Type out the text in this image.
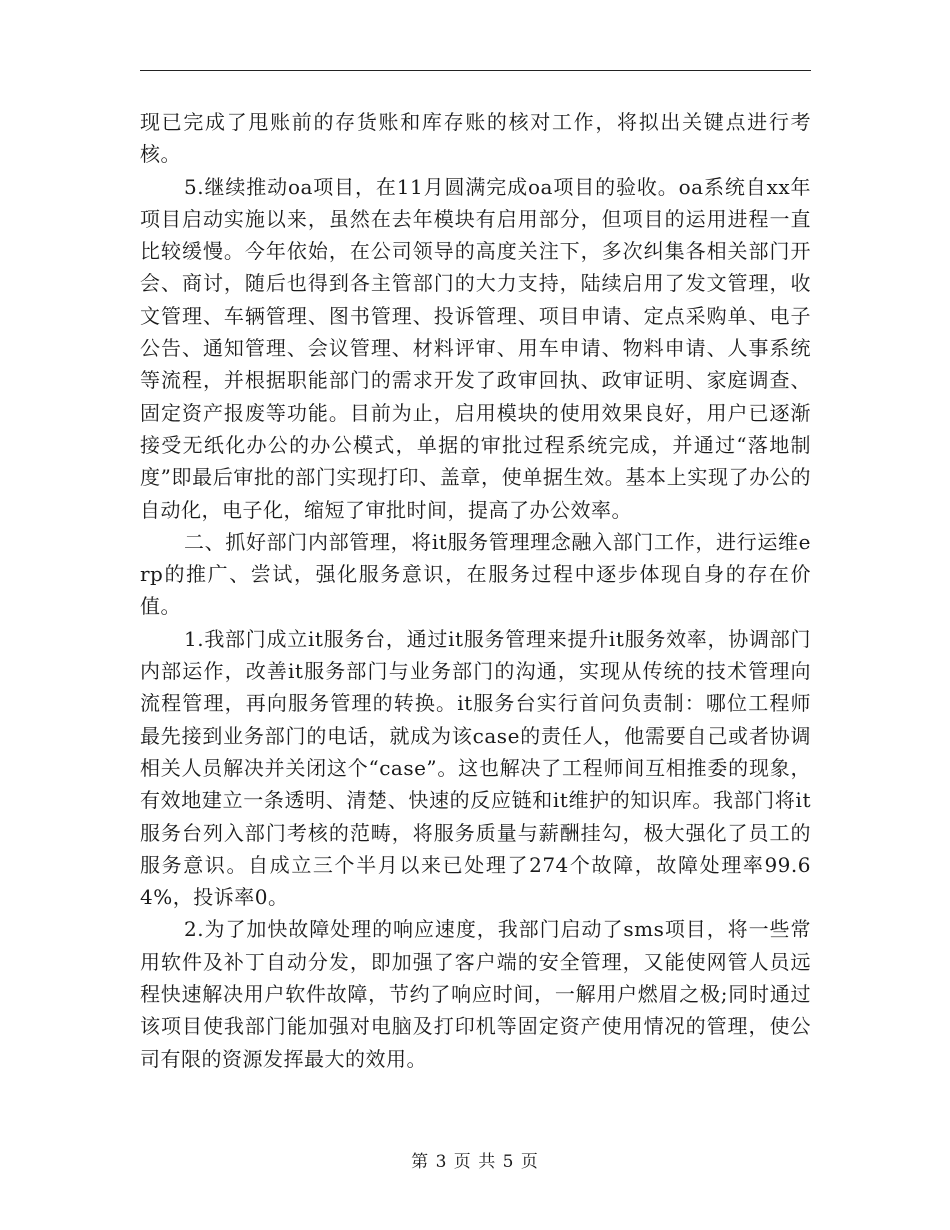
现已完成了甩账前的存货账和库存账的核对工作，将拟出关键点进行考核。

5.继续推动oa项目，在11月圆满完成oa项目的验收。oa系统自xx年项目启动实施以来，虽然在去年模块有启用部分，但项目的运用进程一直比较缓慢。今年依始，在公司领导的高度关注下，多次纠集各相关部门开会、商讨，随后也得到各主管部门的大力支持，陆续启用了发文管理，收文管理、车辆管理、图书管理、投诉管理、项目申请、定点采购单、电子公告、通知管理、会议管理、材料评审、用车申请、物料申请、人事系统等流程，并根据职能部门的需求开发了政审回执、政审证明、家庭调查、固定资产报废等功能。目前为止，启用模块的使用效果良好，用户已逐渐接受无纸化办公的办公模式，单据的审批过程系统完成，并通过“落地制度”即最后审批的部门实现打印、盖章，使单据生效。基本上实现了办公的自动化，电子化，缩短了审批时间，提高了办公效率。

二、抓好部门内部管理，将it服务管理理念融入部门工作，进行运维erp的推广、尝试，强化服务意识，在服务过程中逐步体现自身的存在价值。

1.我部门成立it服务台，通过it服务管理来提升it服务效率，协调部门内部运作，改善it服务部门与业务部门的沟通，实现从传统的技术管理向流程管理，再向服务管理的转换。it服务台实行首问负责制：哪位工程师最先接到业务部门的电话，就成为该case的责任人，他需要自己或者协调相关人员解决并关闭这个“case”。这也解决了工程师间互相推委的现象，有效地建立一条透明、清楚、快速的反应链和it维护的知识库。我部门将it服务台列入部门考核的范畴，将服务质量与薪酬挂勾，极大强化了员工的服务意识。自成立三个半月以来已处理了274个故障，故障处理率99.64%，投诉率0。

2.为了加快故障处理的响应速度，我部门启动了sms项目，将一些常用软件及补丁自动分发，即加强了客户端的安全管理，又能使网管人员远程快速解决用户软件故障，节约了响应时间，一解用户燃眉之极;同时通过该项目使我部门能加强对电脑及打印机等固定资产使用情况的管理，使公司有限的资源发挥最大的效用。

第 3 页 共 5 页
